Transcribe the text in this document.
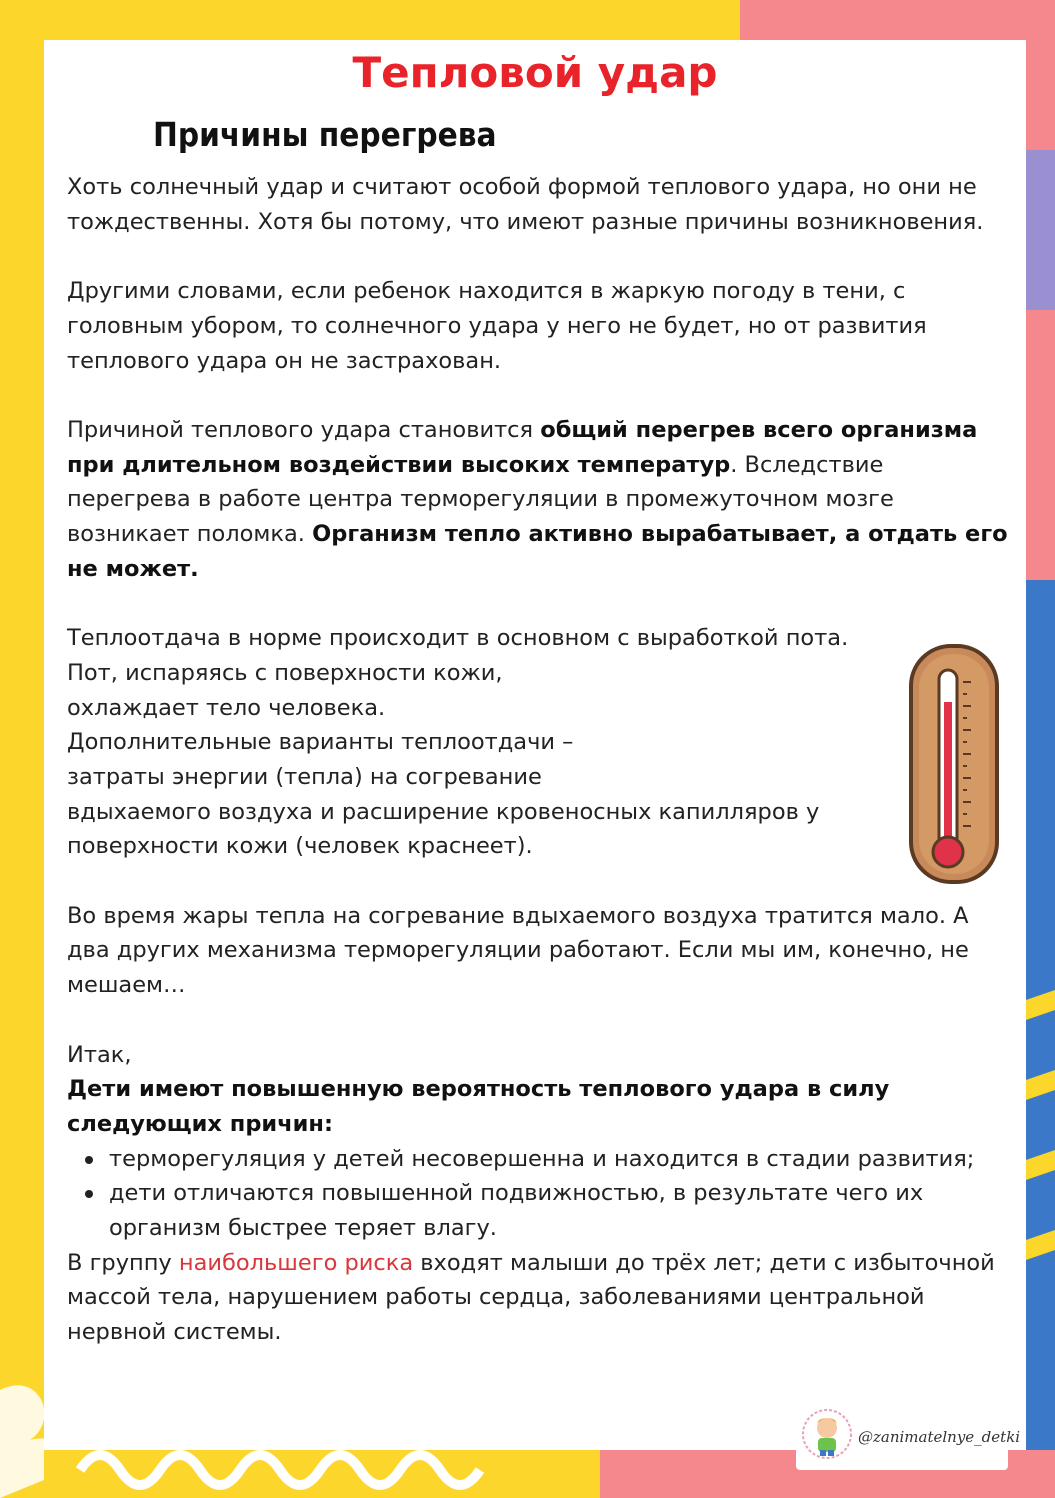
Тепловой удар
Причины перегрева

Хоть солнечный удар и считают особой формой теплового удара, но они не тождественны. Хотя бы потому, что имеют разные причины возникновения.

Другими словами, если ребенок находится в жаркую погоду в тени, с головным убором, то солнечного удара у него не будет, но от развития теплового удара он не застрахован.

Причиной теплового удара становится общий перегрев всего организма при длительном воздействии высоких температур. Вследствие перегрева в работе центра терморегуляции в промежуточном мозге возникает поломка. Организм тепло активно вырабатывает, а отдать его не может.

Теплоотдача в норме происходит в основном с выработкой пота.
Пот, испаряясь с поверхности кожи,
охлаждает тело человека.
Дополнительные варианты теплоотдачи –
затраты энергии (тепла) на согревание
вдыхаемого воздуха и расширение кровеносных капилляров у
поверхности кожи (человек краснеет).

Во время жары тепла на согревание вдыхаемого воздуха тратится мало. А два других механизма терморегуляции работают. Если мы им, конечно, не мешаем…

Итак,

Дети имеют повышенную вероятность теплового удара в силу следующих причин:

терморегуляция у детей несовершенна и находится в стадии развития;
дети отличаются повышенной подвижностью, в результате чего их организм быстрее теряет влагу.

В группу наибольшего риска входят малыши до трёх лет; дети с избыточной массой тела, нарушением работы сердца, заболеваниями центральной нервной системы.

@zanimatelnye_detki
